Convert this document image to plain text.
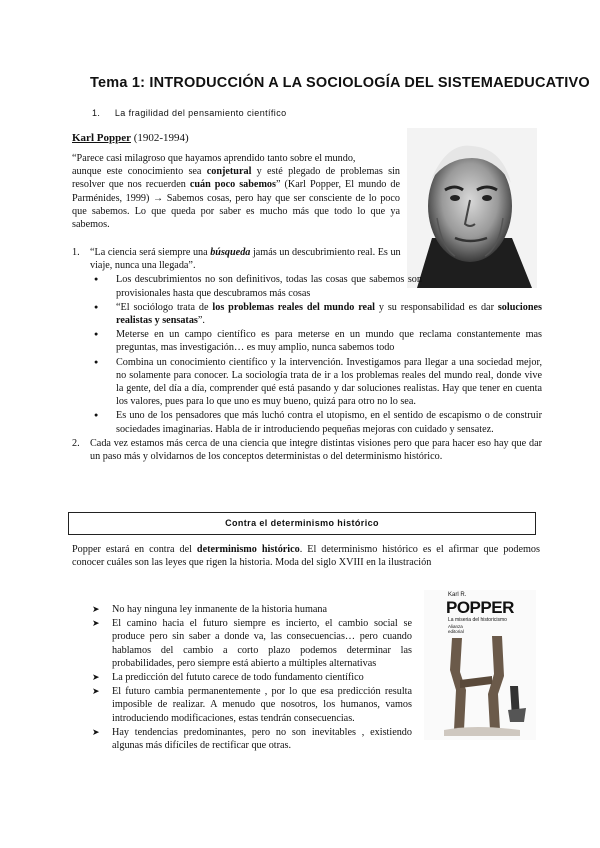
Tema 1: INTRODUCCIÓN A LA SOCIOLOGÍA DEL SISTEMAEDUCATIVO
1. La fragilidad del pensamiento científico
Karl Popper (1902-1994)
“Parece casi milagroso que hayamos aprendido tanto sobre el mundo,
aunque este conocimiento sea conjetural y esté plegado de problemas sin resolver que nos recuerden cuán poco sabemos” (Karl Popper, El mundo de Parménides, 1999) → Sabemos cosas, pero hay que ser consciente de lo poco que sabemos. Lo que queda por saber es mucho más que todo lo que ya sabemos.
1. “La ciencia será siempre una búsqueda jamás un descubrimiento real. Es un viaje, nunca una llegada”.
● Los descubrimientos no son definitivos, todas las cosas que sabemos son provisionales hasta que descubramos más cosas
● “El sociólogo trata de los problemas reales del mundo real y su responsabilidad es dar soluciones realistas y sensatas”.
● Meterse en un campo científico es para meterse en un mundo que reclama constantemente mas preguntas, mas investigación… es muy amplio, nunca sabemos todo
● Combina un conocimiento científico y la intervención. Investigamos para llegar a una sociedad mejor, no solamente para conocer. La sociología trata de ir a los problemas reales del mundo real, donde vive la gente, del día a día, comprender qué está pasando y dar soluciones realistas. Hay que tener en cuenta los valores, pues para lo que uno es muy bueno, quizá para otro no lo sea.
● Es uno de los pensadores que más luchó contra el utopismo, en el sentido de escapismo o de construir sociedades imaginarias. Habla de ir introduciendo pequeñas mejoras con cuidado y sensatez.
2. Cada vez estamos más cerca de una ciencia que integre distintas visiones pero que para hacer eso hay que dar un paso más y olvidarnos de los conceptos deterministas o del determinismo histórico.
Contra el determinismo histórico
Popper estará en contra del determinismo histórico. El determinismo histórico es el afirmar que podemos conocer cuáles son las leyes que rigen la historia. Moda del siglo XVIII en la ilustración
➤ No hay ninguna ley inmanente de la historia humana
➤ El camino hacia el futuro siempre es incierto, el cambio social se produce pero sin saber a donde va, las consecuencias… pero cuando hablamos del cambio a corto plazo podemos determinar las probabilidades, pero siempre está abierto a múltiples alternativas
➤ La predicción del fututo carece de todo fundamento científico
➤ El futuro cambia permanentemente , por lo que esa predicción resulta imposible de realizar. A menudo que nosotros, los humanos, vamos introduciendo modificaciones, estas tendrán consecuencias.
➤ Hay tendencias predominantes, pero no son inevitables , existiendo algunas más difíciles de rectificar que otras.
Karl R.
POPPER
La miseria del historicismo
Alianza editorial
